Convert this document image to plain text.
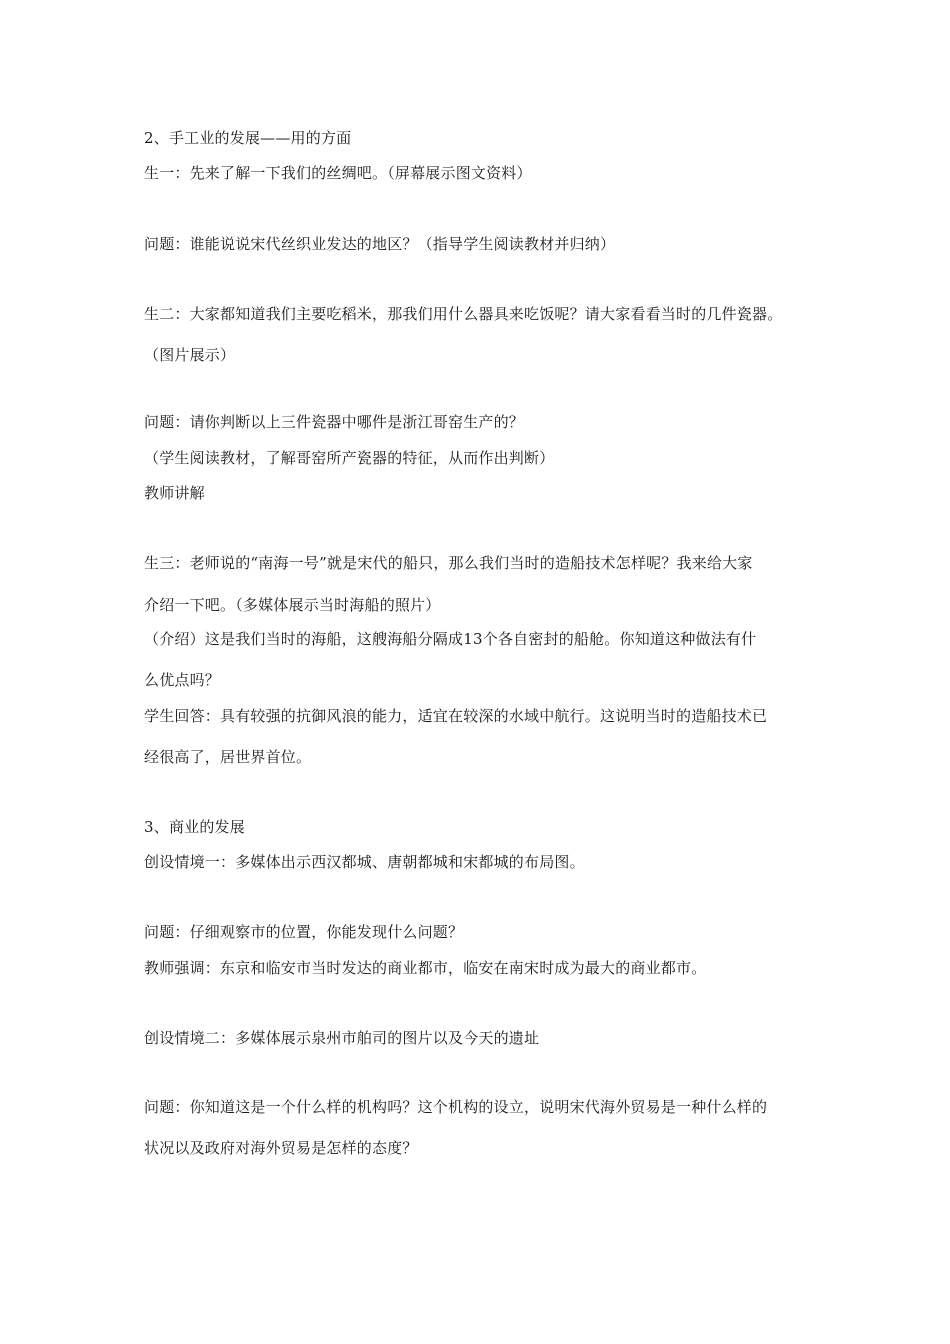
2、手工业的发展——用的方面
生一：先来了解一下我们的丝绸吧。（屏幕展示图文资料）
问题：谁能说说宋代丝织业发达的地区？（指导学生阅读教材并归纳）
生二：大家都知道我们主要吃稻米，那我们用什么器具来吃饭呢？请大家看看当时的几件瓷器。
（图片展示）
问题：请你判断以上三件瓷器中哪件是浙江哥窑生产的？
（学生阅读教材，了解哥窑所产瓷器的特征，从而作出判断）
教师讲解
生三：老师说的“南海一号”就是宋代的船只，那么我们当时的造船技术怎样呢？我来给大家
介绍一下吧。（多媒体展示当时海船的照片）
（介绍）这是我们当时的海船，这艘海船分隔成13个各自密封的船舱。你知道这种做法有什
么优点吗？
学生回答：具有较强的抗御风浪的能力，适宜在较深的水域中航行。这说明当时的造船技术已
经很高了，居世界首位。
3、商业的发展
创设情境一：多媒体出示西汉都城、唐朝都城和宋都城的布局图。
问题：仔细观察市的位置，你能发现什么问题？
教师强调：东京和临安市当时发达的商业都市，临安在南宋时成为最大的商业都市。
创设情境二：多媒体展示泉州市舶司的图片以及今天的遗址
问题：你知道这是一个什么样的机构吗？这个机构的设立，说明宋代海外贸易是一种什么样的
状况以及政府对海外贸易是怎样的态度？
